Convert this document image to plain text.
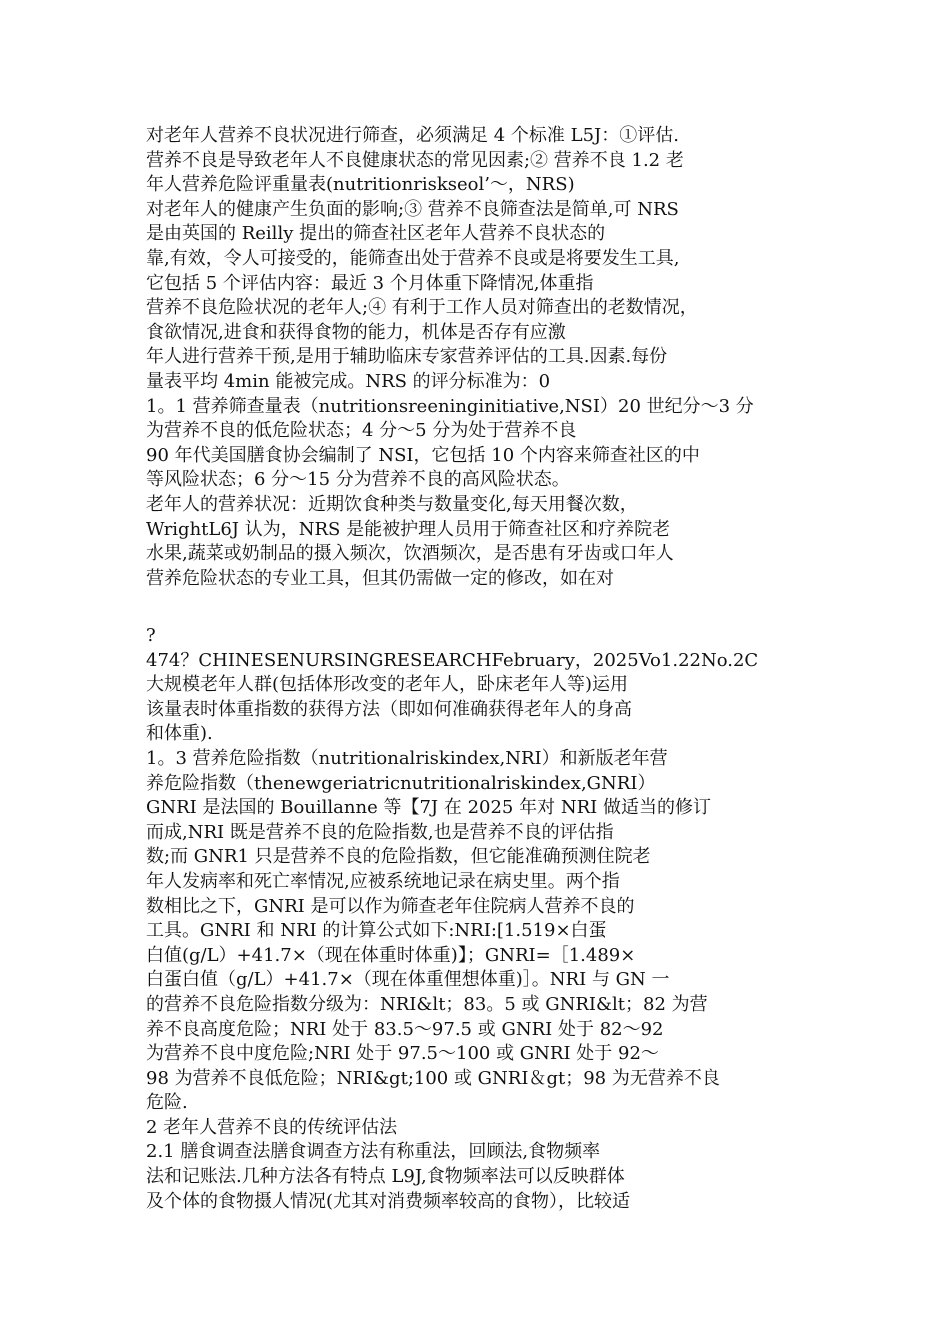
对老年人营养不良状况进行筛查，必须满足 4 个标准 L5J：①评估.
营养不良是导致老年人不良健康状态的常见因素;② 营养不良 1.2 老
年人营养危险评重量表(nutritionriskseol’～，NRS)
对老年人的健康产生负面的影响;③ 营养不良筛查法是简单,可 NRS
是由英国的 Reilly 提出的筛查社区老年人营养不良状态的
靠,有效，令人可接受的，能筛查出处于营养不良或是将要发生工具,
它包括 5 个评估内容：最近 3 个月体重下降情况,体重指
营养不良危险状况的老年人;④ 有利于工作人员对筛查出的老数情况，
食欲情况,进食和获得食物的能力，机体是否存有应激
年人进行营养干预,是用于辅助临床专家营养评估的工具.因素.每份
量表平均 4min 能被完成。NRS 的评分标准为：0
1。1 营养筛查量表（nutritionsreeninginitiative,NSI）20 世纪分～3 分
为营养不良的低危险状态；4 分～5 分为处于营养不良
90 年代美国膳食协会编制了 NSI，它包括 10 个内容来筛查社区的中
等风险状态；6 分～15 分为营养不良的高风险状态。
老年人的营养状况：近期饮食种类与数量变化,每天用餐次数，
WrightL6J 认为，NRS 是能被护理人员用于筛查社区和疗养院老
水果,蔬菜或奶制品的摄入频次，饮酒频次，是否患有牙齿或口年人
营养危险状态的专业工具，但其仍需做一定的修改，如在对
?
474？CHINESENURSINGRESEARCHFebruary，2025Vo1.22No.2C
大规模老年人群(包括体形改变的老年人，卧床老年人等)运用
该量表时体重指数的获得方法（即如何准确获得老年人的身高
和体重).
1。3 营养危险指数（nutritionalriskindex,NRI）和新版老年营
养危险指数（thenewgeriatricnutritionalriskindex,GNRI）
GNRI 是法国的 Bouillanne 等【7J 在 2025 年对 NRI 做适当的修订
而成,NRI 既是营养不良的危险指数,也是营养不良的评估指
数;而 GNR1 只是营养不良的危险指数，但它能准确预测住院老
年人发病率和死亡率情况,应被系统地记录在病史里。两个指
数相比之下，GNRI 是可以作为筛查老年住院病人营养不良的
工具。GNRI 和 NRI 的计算公式如下:NRI:[1.519×白蛋
白值(g/L）+41.7×（现在体重时体重)】；GNRI=［1.489×
白蛋白值（g/L）+41.7×（现在体重俚想体重)］。NRI 与 GN 一
的营养不良危险指数分级为：NRI&lt；83。5 或 GNRI&lt；82 为营
养不良高度危险；NRI 处于 83.5～97.5 或 GNRI 处于 82～92
为营养不良中度危险;NRI 处于 97.5～100 或 GNRI 处于 92～
98 为营养不良低危险；NRI&gt;100 或 GNRI＆gt；98 为无营养不良
危险.
2 老年人营养不良的传统评估法
2.1 膳食调查法膳食调查方法有称重法，回顾法,食物频率
法和记账法.几种方法各有特点 L9J,食物频率法可以反映群体
及个体的食物摄人情况(尤其对消费频率较高的食物），比较适
